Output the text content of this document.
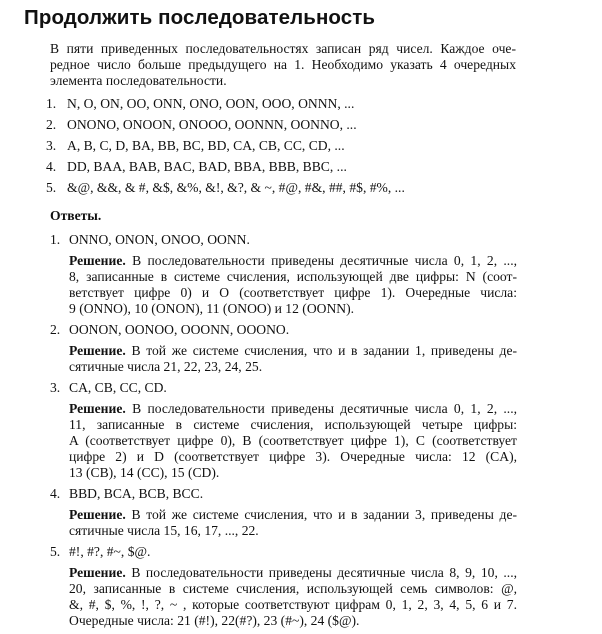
Продолжить последовательность

В пяти приведенных последовательностях записан ряд чисел. Каждое оче-
редное число больше предыдущего на 1. Необходимо указать 4 очередных
элемента последовательности.

1. N, O, ON, OO, ONN, ONO, OON, OOO, ONNN, ...

2. ONONO, ONOON, ONOOO, OONNN, OONNO, ...

3. A, B, C, D, BA, BB, BC, BD, CA, CB, CC, CD, ...

4. DD, BAA, BAB, BAC, BAD, BBA, BBB, BBC, ...

5. &@, &&, & #, &$, &%, &!, &?, & ~, #@, #&, ##, #$, #%, ...

Ответы.

1. ONNO, ONON, ONOO, OONN.

Решение. В последовательности приведены десятичные числа 0, 1, 2, ...,
8, записанные в системе счисления, использующей две цифры: N (соот-
ветствует цифре 0) и O (соответствует цифре 1). Очередные числа:
9 (ONNO), 10 (ONON), 11 (ONOO) и 12 (OONN).

2. OONON, OONOO, OOONN, OOONO.

Решение. В той же системе счисления, что и в задании 1, приведены де-
сятичные числа 21, 22, 23, 24, 25.

3. CA, CB, CC, CD.

Решение. В последовательности приведены десятичные числа 0, 1, 2, ...,
11, записанные в системе счисления, использующей четыре цифры:
A (соответствует цифре 0), B (соответствует цифре 1), C (соответствует
цифре 2) и D (соответствует цифре 3). Очередные числа: 12 (CA),
13 (CB), 14 (CC), 15 (CD).

4. BBD, BCA, BCB, BCC.

Решение. В той же системе счисления, что и в задании 3, приведены де-
сятичные числа 15, 16, 17, ..., 22.

5. #!, #?, #~, $@.

Решение. В последовательности приведены десятичные числа 8, 9, 10, ...,
20, записанные в системе счисления, использующей семь символов: @,
&, #, $, %, !, ?, ~ , которые соответствуют цифрам 0, 1, 2, 3, 4, 5, 6 и 7.
Очередные числа: 21 (#!), 22(#?), 23 (#~), 24 ($@).
